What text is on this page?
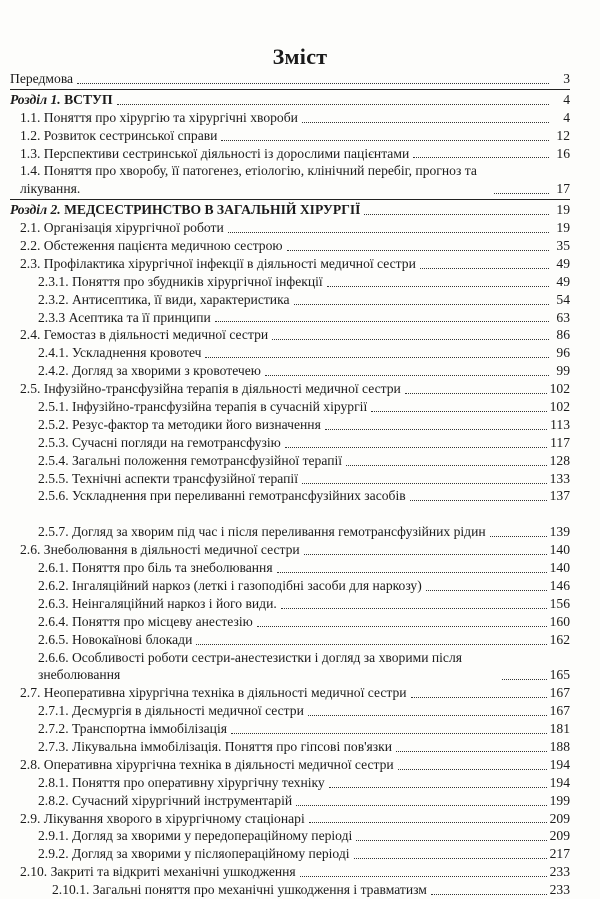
Зміст
Передмова	3
Розділ 1. ВСТУП	4
1.1. Поняття про хірургію та хірургічні хвороби	4
1.2. Розвиток сестринської справи	12
1.3. Перспективи сестринської діяльності із дорослими пацієнтами	16
1.4. Поняття про хворобу, її патогенез, етіологію, клінічний перебіг, прогноз та лікування.	17
Розділ 2. МЕДСЕСТРИНСТВО В ЗАГАЛЬНІЙ ХІРУРГІЇ	19
2.1. Організація хірургічної роботи	19
2.2. Обстеження пацієнта медичною сестрою	35
2.3. Профілактика хірургічної інфекції в діяльності медичної сестри	49
2.3.1. Поняття про збудників хірургічної інфекції	49
2.3.2. Антисептика, її види, характеристика	54
2.3.3 Асептика та її принципи	63
2.4. Гемостаз в діяльності медичної сестри	86
2.4.1. Ускладнення кровотеч	96
2.4.2. Догляд за хворими з кровотечею	99
2.5. Інфузійно-трансфузійна терапія в діяльності медичної сестри	102
2.5.1. Інфузійно-трансфузійна терапія в сучасній хірургії	102
2.5.2. Резус-фактор та методики його визначення	113
2.5.3. Сучасні погляди на гемотрансфузію	117
2.5.4. Загальні положення гемотрансфузійної терапії	128
2.5.5. Технічні аспекти трансфузійної терапії	133
2.5.6. Ускладнення при переливанні гемотрансфузійних засобів	137
2.5.7. Догляд за хворим під час і після переливання гемотрансфузійних рідин	139
2.6. Знеболювання в діяльності медичної сестри	140
2.6.1. Поняття про біль та знеболювання	140
2.6.2. Інгаляційний наркоз (леткі і газоподібні засоби для наркозу)	146
2.6.3. Неінгаляційний наркоз і його види.	156
2.6.4. Поняття про місцеву анестезію	160
2.6.5. Новокаїнові блокади	162
2.6.6. Особливості роботи сестри-анестезистки і догляд за хворими після знеболювання	165
2.7. Неоперативна хірургічна техніка в діяльності медичної сестри	167
2.7.1. Десмургія в діяльності медичної сестри	167
2.7.2. Транспортна іммобілізація	181
2.7.3. Лікувальна іммобілізація. Поняття про гіпсові пов'язки	188
2.8. Оперативна хірургічна техніка в діяльності медичної сестри	194
2.8.1. Поняття про оперативну хірургічну техніку	194
2.8.2. Сучасний хірургічний інструментарій	199
2.9. Лікування хворого в хірургічному стаціонарі	209
2.9.1. Догляд за хворими у передопераційному періоді	209
2.9.2. Догляд за хворими у післяопераційному періоді	217
2.10. Закриті та відкриті механічні ушкодження	233
2.10.1. Загальні поняття про механічні ушкодження і травматизм	233
